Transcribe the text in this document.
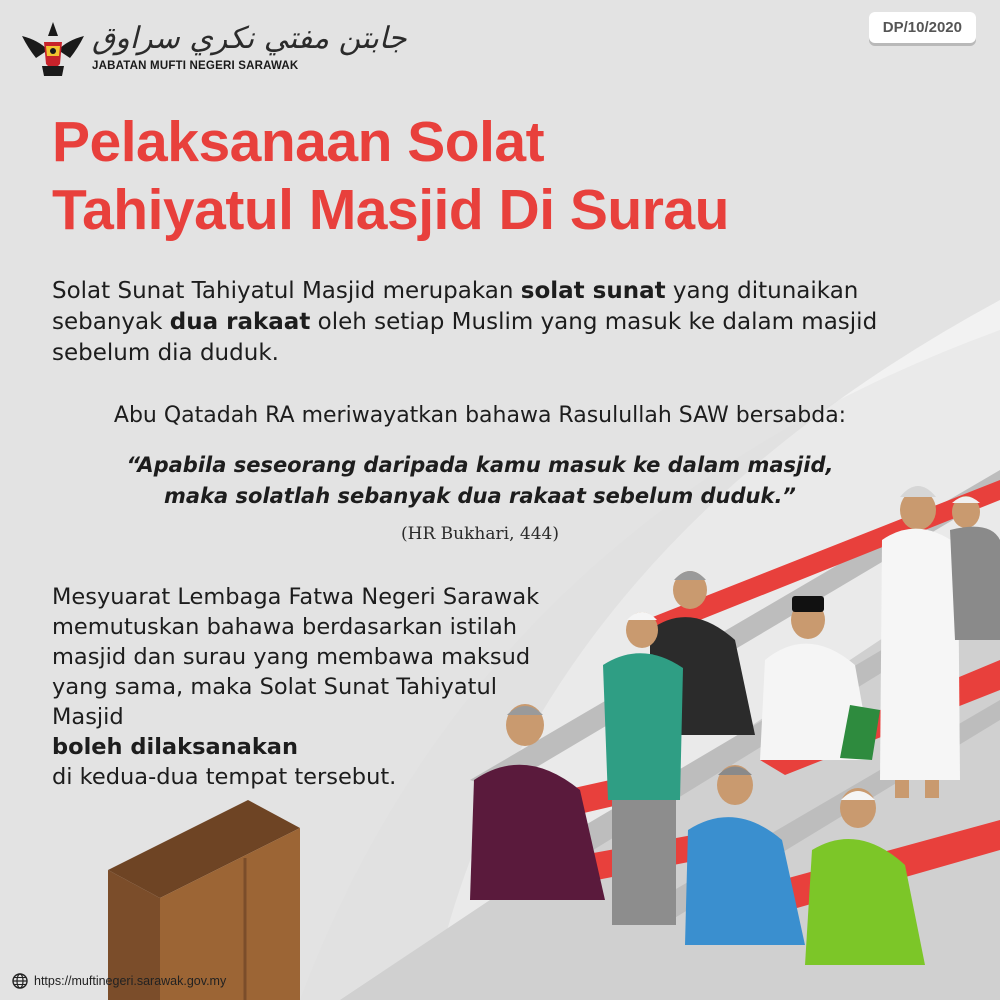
جابتن مفتي نكري سراوق
JABATAN MUFTI NEGERI SARAWAK
DP/10/2020
Pelaksanaan Solat
Tahiyatul Masjid Di Surau

Solat Sunat Tahiyatul Masjid merupakan solat sunat yang ditunaikan sebanyak dua rakaat oleh setiap Muslim yang masuk ke dalam masjid sebelum dia duduk.

Abu Qatadah RA meriwayatkan bahawa Rasulullah SAW bersabda:

“Apabila seseorang daripada kamu masuk ke dalam masjid,
maka solatlah sebanyak dua rakaat sebelum duduk.”

(HR Bukhari, 444)

Mesyuarat Lembaga Fatwa Negeri Sarawak
memutuskan bahawa berdasarkan istilah
masjid dan surau yang membawa maksud
yang sama, maka Solat Sunat Tahiyatul
Masjid
boleh dilaksanakan
di kedua-dua tempat tersebut.

https://muftinegeri.sarawak.gov.my
